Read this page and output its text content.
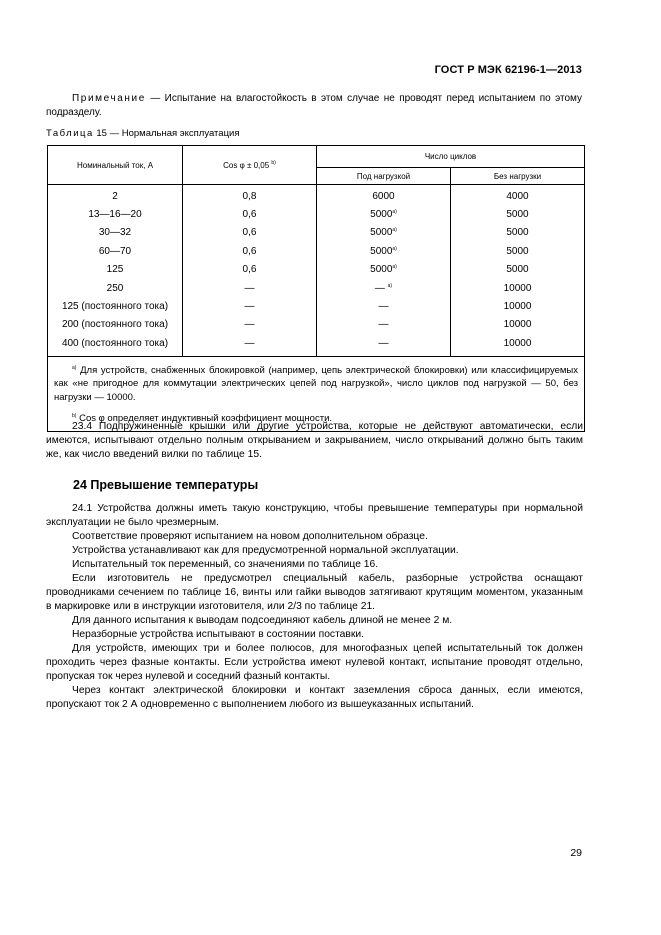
ГОСТ Р МЭК 62196-1—2013
Примечание — Испытание на влагостойкость в этом случае не проводят перед испытанием по этому подразделу.
Таблица 15 — Нормальная эксплуатация
Номинальный ток, А	Cos φ ± 0,05 $^{b)}$	Число циклов	
		Под нагрузкой	Без нагрузки
2	0,8	6000	4000
13—16—20	0,6	5000$^{a)}$	5000
30—32	0,6	5000$^{a)}$	5000
60—70	0,6	5000$^{a)}$	5000
125	0,6	5000$^{a)}$	5000
250	—	— $^{a)}$	10000
125 (постоянного тока)	—	—	10000
200 (постоянного тока)	—	—	10000
400 (постоянного тока)	—	—	10000

$^{a)}$ Для устройств, снабженных блокировкой (например, цепь электрической блокировки) или классифицируемых как «не пригодное для коммутации электрических цепей под нагрузкой», число циклов под нагрузкой — 50, без нагрузки — 10000.
$^{b)}$ Cos φ определяет индуктивный коэффициент мощности.			

23.4 Подпружиненные крышки или другие устройства, которые не действуют автоматически, если имеются, испытывают отдельно полным открыванием и закрыванием, число открываний должно быть таким же, как число введений вилки по таблице 15.

24 Превышение температуры

24.1 Устройства должны иметь такую конструкцию, чтобы превышение температуры при нормальной эксплуатации не было чрезмерным.

Соответствие проверяют испытанием на новом дополнительном образце.

Устройства устанавливают как для предусмотренной нормальной эксплуатации.

Испытательный ток переменный, со значениями по таблице 16.

Если изготовитель не предусмотрел специальный кабель, разборные устройства оснащают проводниками сечением по таблице 16, винты или гайки выводов затягивают крутящим моментом, указанным в маркировке или в инструкции изготовителя, или 2/3 по таблице 21.

Для данного испытания к выводам подсоединяют кабель длиной не менее 2 м.

Неразборные устройства испытывают в состоянии поставки.

Для устройств, имеющих три и более полюсов, для многофазных цепей испытательный ток должен проходить через фазные контакты. Если устройства имеют нулевой контакт, испытание проводят отдельно, пропуская ток через нулевой и соседний фазный контакты.

Через контакт электрической блокировки и контакт заземления сброса данных, если имеются, пропускают ток 2 А одновременно с выполнением любого из вышеуказанных испытаний.

29
